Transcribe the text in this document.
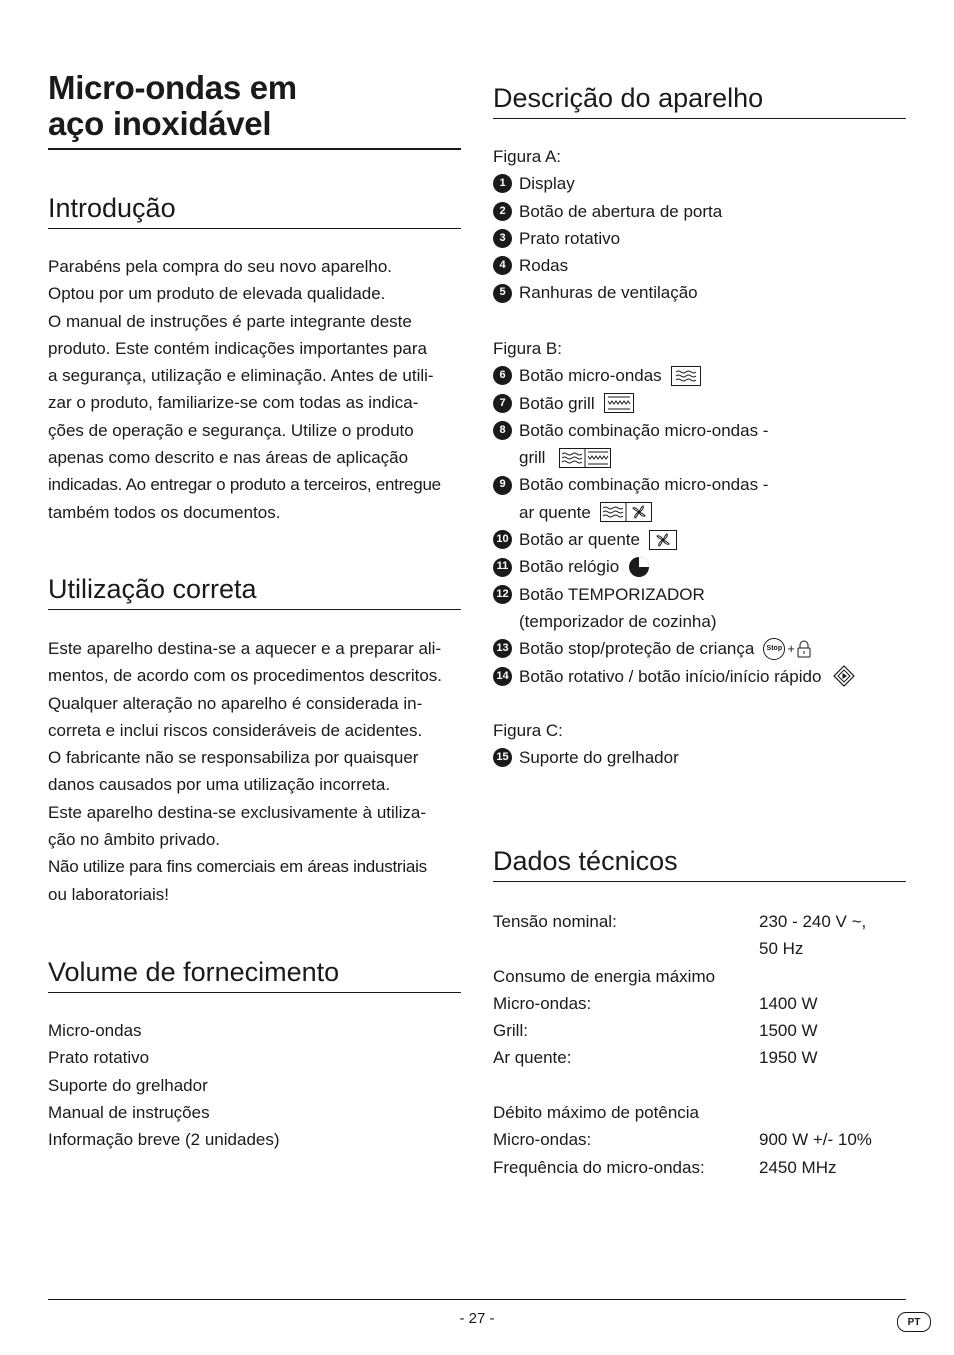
Micro-ondas em
aço inoxidável
Introdução
Parabéns pela compra do seu novo aparelho.
Optou por um produto de elevada qualidade.
O manual de instruções é parte integrante deste
produto. Este contém indicações importantes para
a segurança, utilização e eliminação. Antes de utili-
zar o produto, familiarize-se com todas as indica-
ções de operação e segurança. Utilize o produto
apenas como descrito e nas áreas de aplicação
indicadas. Ao entregar o produto a terceiros, entregue
também todos os documentos.
Utilização correta
Este aparelho destina-se a aquecer e a preparar ali-
mentos, de acordo com os procedimentos descritos.
Qualquer alteração no aparelho é considerada in-
correta e inclui riscos consideráveis de acidentes.
O fabricante não se responsabiliza por quaisquer
danos causados por uma utilização incorreta.
Este aparelho destina-se exclusivamente à utiliza-
ção no âmbito privado.
Não utilize para fins comerciais em áreas industriais
ou laboratoriais!
Volume de fornecimento
Micro-ondas
Prato rotativo
Suporte do grelhador
Manual de instruções
Informação breve (2 unidades)
Descrição do aparelho
Figura A:
1 Display
2 Botão de abertura de porta
3 Prato rotativo
4 Rodas
5 Ranhuras de ventilação
Figura B:
6 Botão micro-ondas
7 Botão grill
8 Botão combinação micro-ondas -
grill
9 Botão combinação micro-ondas -
ar quente
10 Botão ar quente
11 Botão relógio
12 Botão TEMPORIZADOR
(temporizador de cozinha)
13 Botão stop/proteção de criança	Stop +
14 Botão rotativo / botão início/início rápido
Figura C:
15 Suporte do grelhador
Dados técnicos
Tensão nominal:	230 - 240 V ~,
50 Hz
Consumo de energia máximo
Micro-ondas:	1400 W
Grill:	1500 W
Ar quente:	1950 W
Débito máximo de potência
Micro-ondas:	900 W +/- 10%
Frequência do micro-ondas:	2450 MHz
- 27 -	PT
